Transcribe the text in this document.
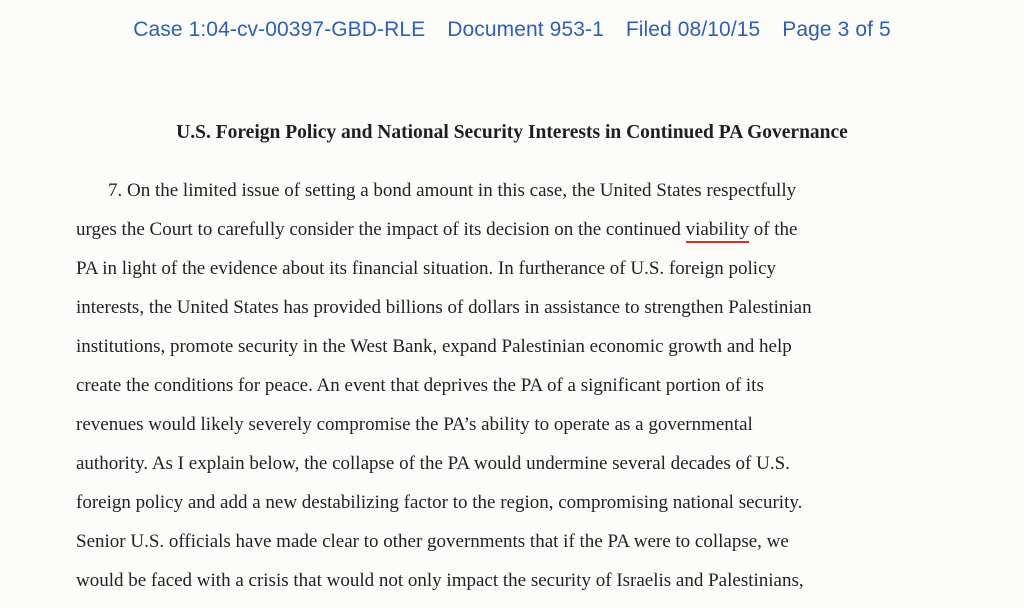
Case 1:04-cv-00397-GBD-RLE Document 953-1 Filed 08/10/15 Page 3 of 5
U.S. Foreign Policy and National Security Interests in Continued PA Governance
7. On the limited issue of setting a bond amount in this case, the United States respectfully
urges the Court to carefully consider the impact of its decision on the continued viability of the
PA in light of the evidence about its financial situation. In furtherance of U.S. foreign policy
interests, the United States has provided billions of dollars in assistance to strengthen Palestinian
institutions, promote security in the West Bank, expand Palestinian economic growth and help
create the conditions for peace. An event that deprives the PA of a significant portion of its
revenues would likely severely compromise the PA’s ability to operate as a governmental
authority. As I explain below, the collapse of the PA would undermine several decades of U.S.
foreign policy and add a new destabilizing factor to the region, compromising national security.
Senior U.S. officials have made clear to other governments that if the PA were to collapse, we
would be faced with a crisis that would not only impact the security of Israelis and Palestinians,
